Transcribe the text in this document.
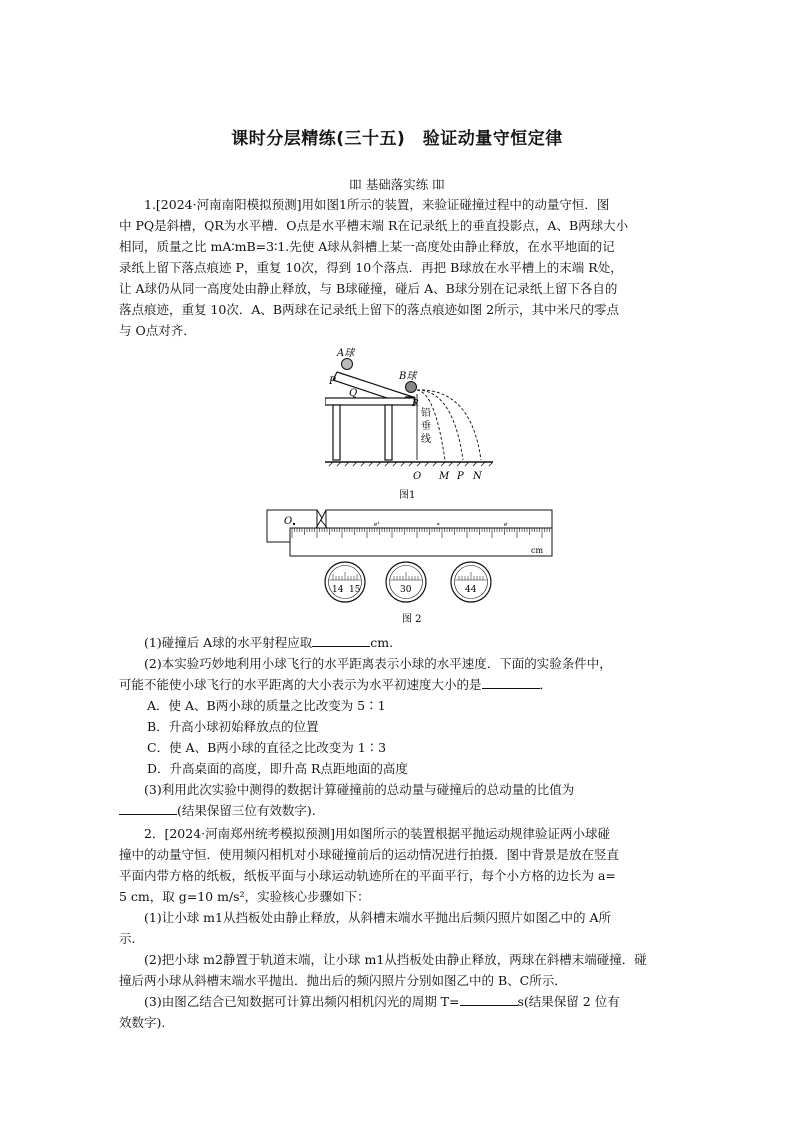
课时分层精练(三十五)　验证动量守恒定律
吅 基础落实练 吅

1.[2024·河南南阳模拟预测]用如图1所示的装置，来验证碰撞过程中的动量守恒．图

中 PQ是斜槽，QR为水平槽．O点是水平槽末端 R在记录纸上的垂直投影点，A、B两球大小

相同，质量之比 mA∶mB=3∶1.先使 A球从斜槽上某一高度处由静止释放，在水平地面的记

录纸上留下落点痕迹 P，重复 10次，得到 10个落点．再把 B球放在水平槽上的末端 R处，

让 A球仍从同一高度处由静止释放，与 B球碰撞，碰后 A、B球分别在记录纸上留下各自的

落点痕迹，重复 10次．A、B两球在记录纸上留下的落点痕迹如图 2所示，其中米尺的零点

与 O点对齐．

A球
B球
P
Q
R
铅
垂
线
O M P N
图1
O
cm
ℯ¹	∗	ℯ
14 15	30	44
图 2

(1)碰撞后 A球的水平射程应取	cm.

(2)本实验巧妙地利用小球飞行的水平距离表示小球的水平速度．下面的实验条件中，

可能不能使小球飞行的水平距离的大小表示为水平初速度大小的是	．

A．使 A、B两小球的质量之比改变为 5∶1

B．升高小球初始释放点的位置

C．使 A、B两小球的直径之比改变为 1∶3

D．升高桌面的高度，即升高 R点距地面的高度

(3)利用此次实验中测得的数据计算碰撞前的总动量与碰撞后的总动量的比值为

(结果保留三位有效数字).

2．[2024·河南郑州统考模拟预测]用如图所示的装置根据平抛运动规律验证两小球碰

撞中的动量守恒．使用频闪相机对小球碰撞前后的运动情况进行拍摄．图中背景是放在竖直

平面内带方格的纸板，纸板平面与小球运动轨迹所在的平面平行，每个小方格的边长为 a=

5 cm，取 g=10 m/s²，实验核心步骤如下：

(1)让小球 m1从挡板处由静止释放，从斜槽末端水平抛出后频闪照片如图乙中的 A所

示.

(2)把小球 m2静置于轨道末端，让小球 m1从挡板处由静止释放，两球在斜槽末端碰撞．碰

撞后两小球从斜槽末端水平抛出．抛出后的频闪照片分别如图乙中的 B、C所示．

(3)由图乙结合已知数据可计算出频闪相机闪光的周期 T=	s(结果保留 2 位有

效数字).
